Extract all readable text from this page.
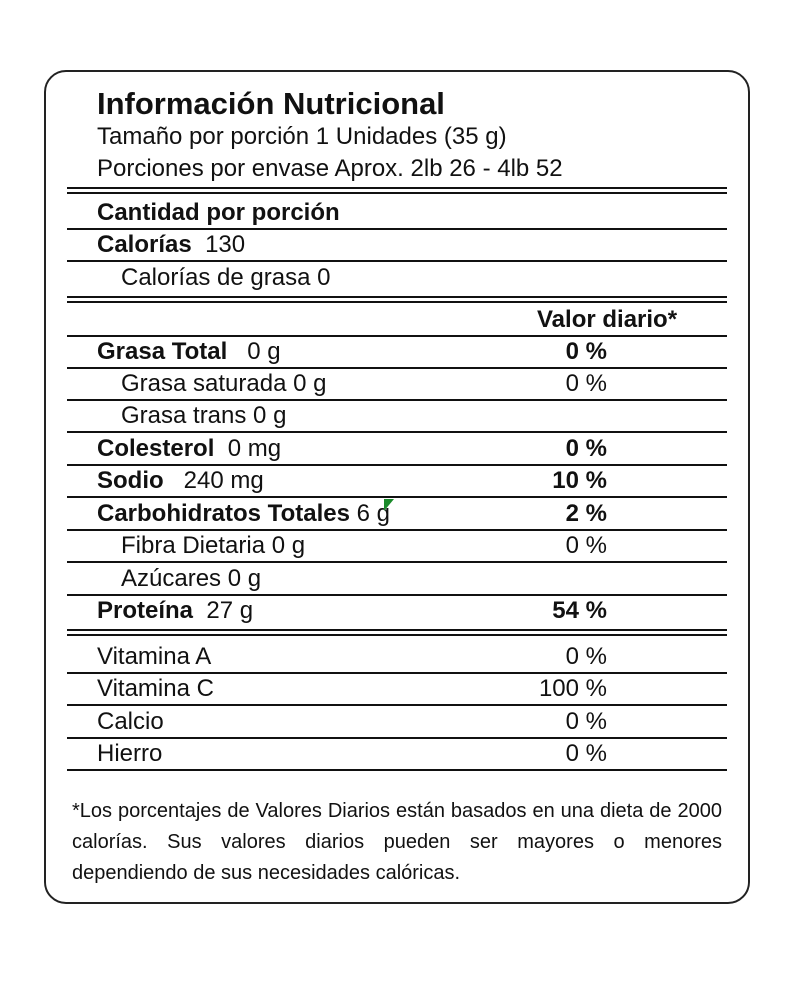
Información Nutricional
Tamaño por porción 1 Unidades (35 g)
Porciones por envase Aprox. 2lb 26 - 4lb 52
Cantidad por porción
Calorías 130
Calorías de grasa 0
Valor diario*
Grasa Total 0 g	0 %
Grasa saturada 0 g	0 %
Grasa trans 0 g
Colesterol 0 mg	0 %
Sodio 240 mg	10 %
Carbohidratos Totales 6 g	2 %
Fibra Dietaria 0 g	0 %
Azúcares 0 g
Proteína 27 g	54 %
Vitamina A	0 %
Vitamina C	100 %
Calcio	0 %
Hierro	0 %
*Los porcentajes de Valores Diarios están basados en una dieta de 2000 calorías. Sus valores diarios pueden ser mayores o menores dependiendo de sus necesidades calóricas.
